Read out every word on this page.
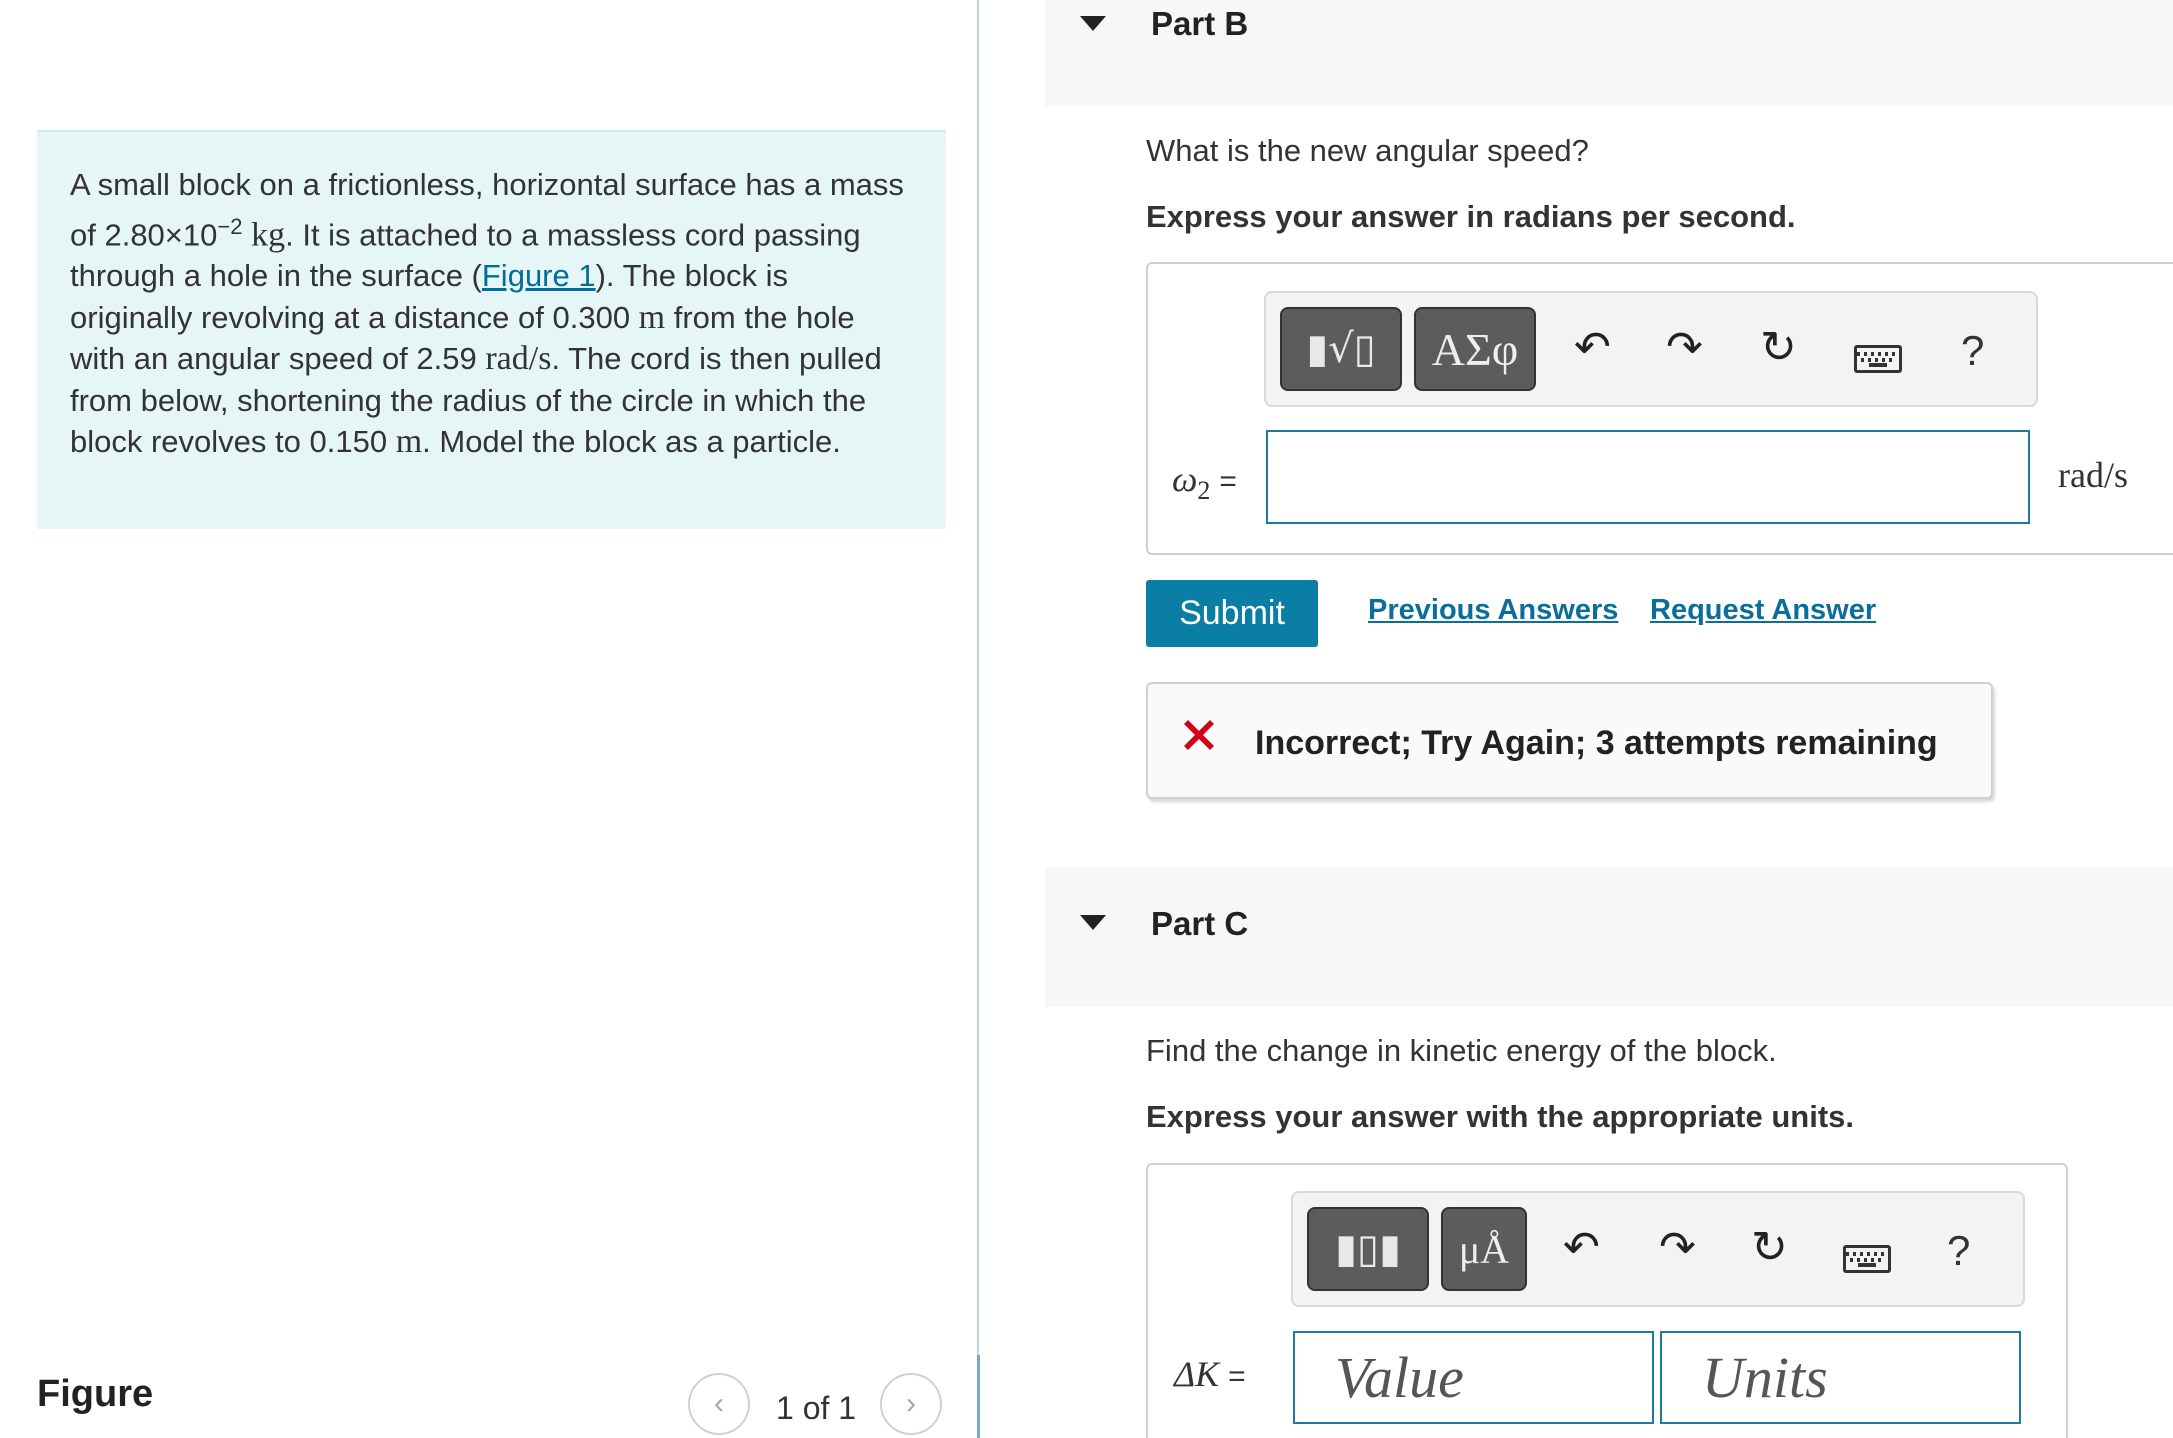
A small block on a frictionless, horizontal surface has a mass of $2.80\times 10^{-2}$ kg. It is attached to a massless cord passing through a hole in the surface (Figure 1). The block is originally revolving at a distance of 0.300 m from the hole with an angular speed of 2.59 rad/s. The cord is then pulled from below, shortening the radius of the circle in which the block revolves to 0.150 m. Model the block as a particle.

Figure	‹ 1 of 1 ›
Part B
What is the new angular speed?
Express your answer in radians per second.
▮√▯ ΑΣφ ↶ ↷ ↻	?
$\omega_2$ =	rad/s
Submit	Previous Answers Request Answer
Incorrect; Try Again; 3 attempts remaining
Part C
Find the change in kinetic energy of the block.
Express your answer with the appropriate units.
▮▯▮ μÅ ↶ ↷ ↻	?
ΔK =	Value	Units
